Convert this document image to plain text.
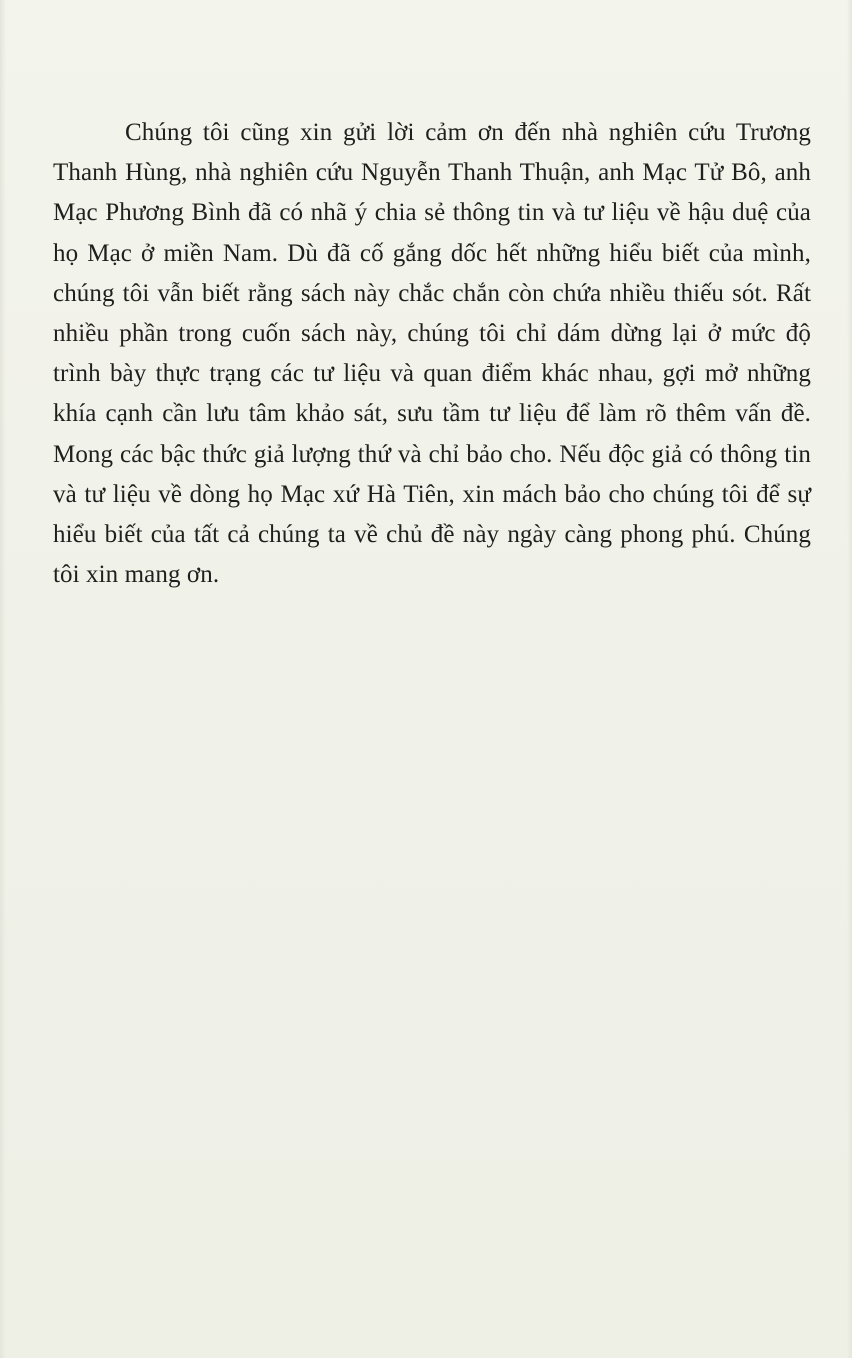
Chúng tôi cũng xin gửi lời cảm ơn đến nhà nghiên cứu Trương Thanh Hùng, nhà nghiên cứu Nguyễn Thanh Thuận, anh Mạc Tử Bô, anh Mạc Phương Bình đã có nhã ý chia sẻ thông tin và tư liệu về hậu duệ của họ Mạc ở miền Nam. Dù đã cố gắng dốc hết những hiểu biết của mình, chúng tôi vẫn biết rằng sách này chắc chắn còn chứa nhiều thiếu sót. Rất nhiều phần trong cuốn sách này, chúng tôi chỉ dám dừng lại ở mức độ trình bày thực trạng các tư liệu và quan điểm khác nhau, gợi mở những khía cạnh cần lưu tâm khảo sát, sưu tầm tư liệu để làm rõ thêm vấn đề. Mong các bậc thức giả lượng thứ và chỉ bảo cho. Nếu độc giả có thông tin và tư liệu về dòng họ Mạc xứ Hà Tiên, xin mách bảo cho chúng tôi để sự hiểu biết của tất cả chúng ta về chủ đề này ngày càng phong phú. Chúng tôi xin mang ơn.
